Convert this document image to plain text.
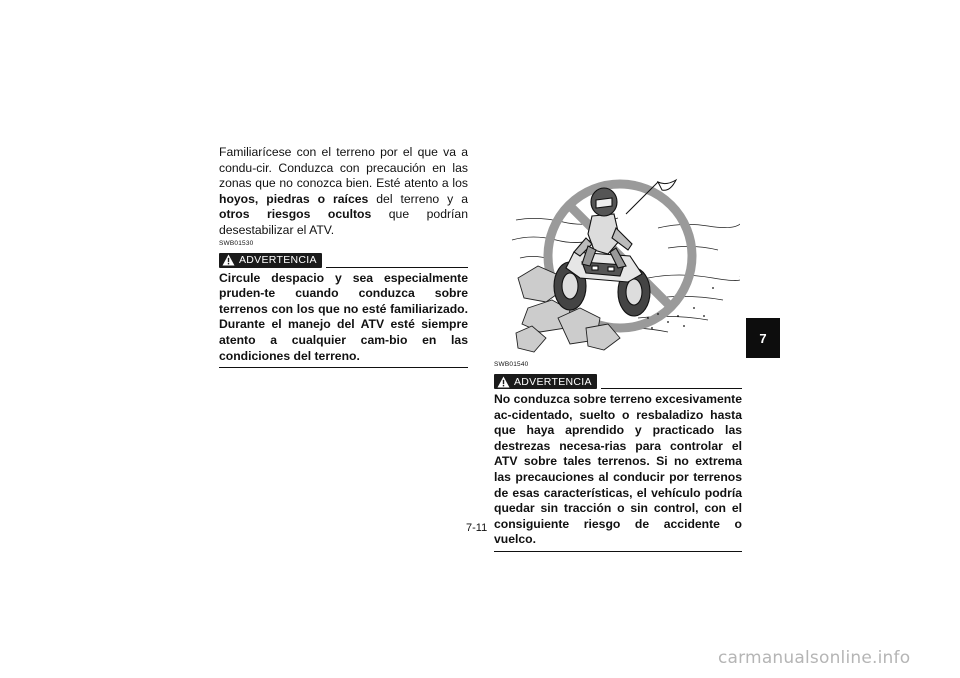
Familiarícese con el terreno por el que va a condu-cir. Conduzca con precaución en las zonas que no conozca bien. Esté atento a los hoyos, piedras o raíces del terreno y a otros riesgos ocultos que podrían desestabilizar el ATV.

SWB01530

ADVERTENCIA

Circule despacio y sea especialmente pruden-te cuando conduzca sobre terrenos con los que no esté familiarizado. Durante el manejo del ATV esté siempre atento a cualquier cam-bio en las condiciones del terreno.

SWB01540

ADVERTENCIA

No conduzca sobre terreno excesivamente ac-cidentado, suelto o resbaladizo hasta que haya aprendido y practicado las destrezas necesa-rias para controlar el ATV sobre tales terrenos. Si no extrema las precauciones al conducir por terrenos de esas características, el vehículo podría quedar sin tracción o sin control, con el consiguiente riesgo de accidente o vuelco.

7
7-11
carmanualsonline.info
